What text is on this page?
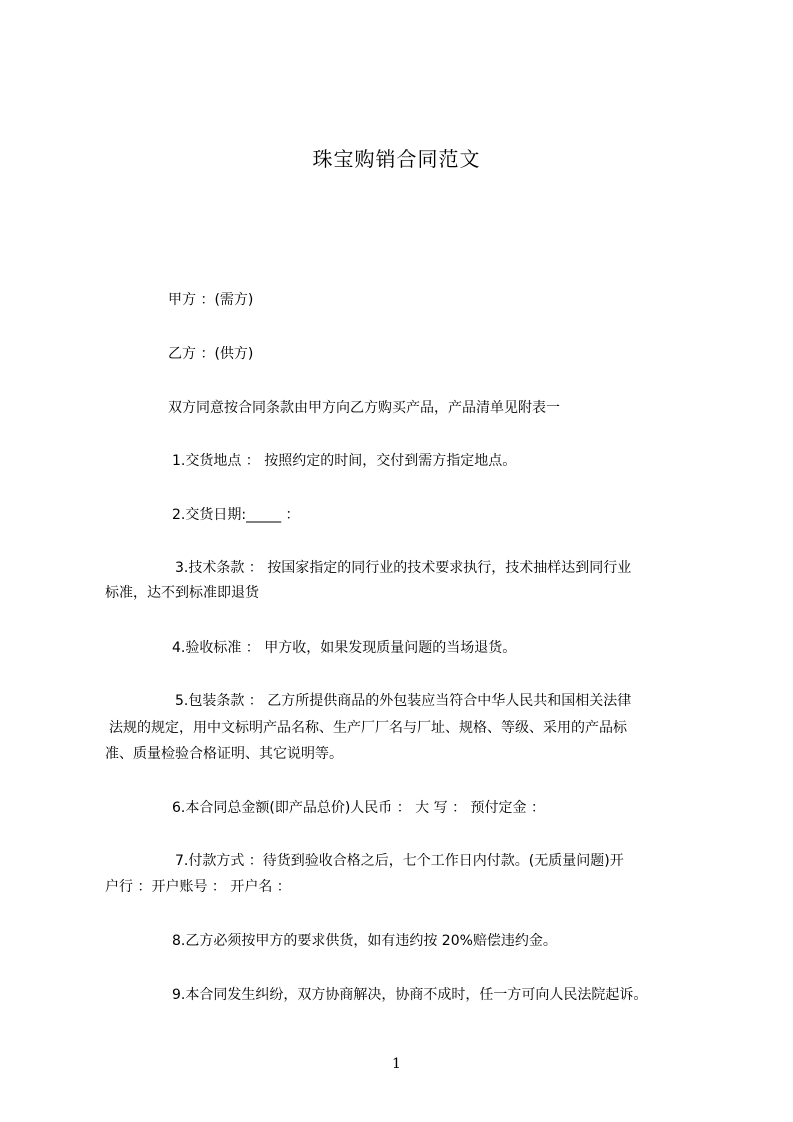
珠宝购销合同范文
甲方 ：(需方)
乙方 ：(供方)
双方同意按合同条款由甲方向乙方购买产品，产品清单见附表一
1.交货地点 ： 按照约定的时间，交付到需方指定地点。
2.交货日期:_____ ：
3.技术条款 ： 按国家指定的同行业的技术要求执行，技术抽样达到同行业
标准，达不到标准即退货
4.验收标准 ： 甲方收，如果发现质量问题的当场退货。
5.包装条款 ： 乙方所提供商品的外包装应当符合中华人民共和国相关法律
法规的规定，用中文标明产品名称、生产厂厂名与厂址、规格、等级、采用的产品标
准、质量检验合格证明、其它说明等。
6.本合同总金额(即产品总价)人民币 ： 大 写 ： 预付定金 ：
7.付款方式 ：待货到验收合格之后，七个工作日内付款。(无质量问题)开
户行 ：开户账号 ： 开户名 ：
8.乙方必须按甲方的要求供货，如有违约按 20%赔偿违约金。
9.本合同发生纠纷，双方协商解决，协商不成时，任一方可向人民法院起诉。
1
